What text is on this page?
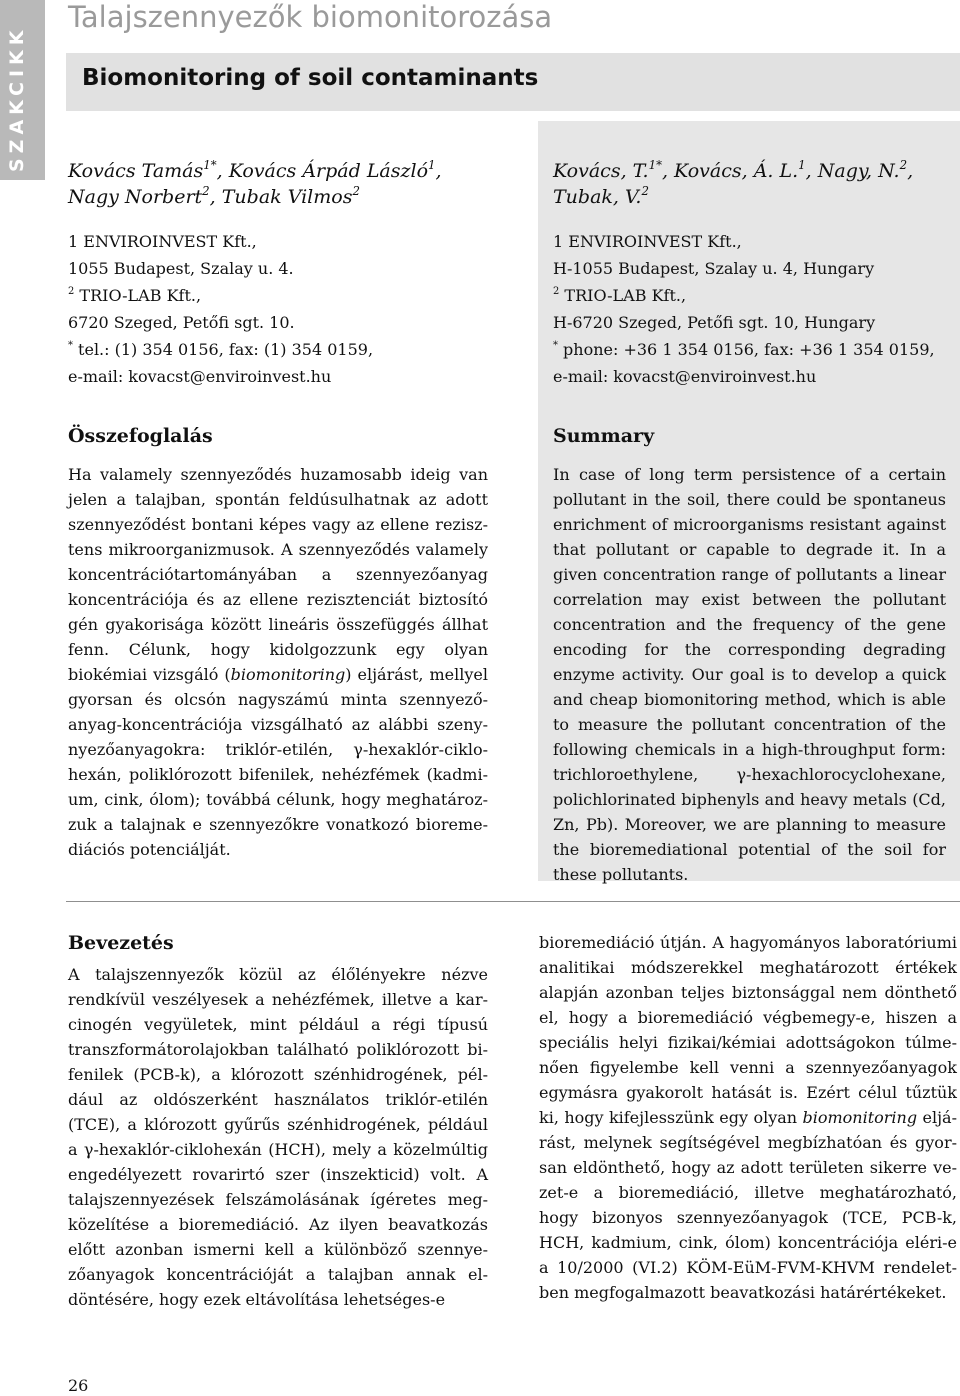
SZAKCIKK
Talajszennyezők biomonitorozása
Biomonitoring of soil contaminants
Kovács Tamás$^{1*}$, Kovács Árpád László$^1$,
Nagy Norbert$^2$, Tubak Vilmos$^2$
1 ENVIROINVEST Kft.,
1055 Budapest, Szalay u. 4.
$^2$ TRIO-LAB Kft.,
6720 Szeged, Petőfi sgt. 10.
* tel.: (1) 354 0156, fax: (1) 354 0159,
e-mail: kovacst@enviroinvest.hu
Kovács, T.$^{1*}$, Kovács, Á. L.$^1$, Nagy, N.$^2$,
Tubak, V.$^2$
1 ENVIROINVEST Kft.,
H-1055 Budapest, Szalay u. 4, Hungary
$^2$ TRIO-LAB Kft.,
H-6720 Szeged, Petőfi sgt. 10, Hungary
* phone: +36 1 354 0156, fax: +36 1 354 0159,
e-mail: kovacst@enviroinvest.hu
Összefoglalás
Ha valamely szennyeződés huzamosabb ideig van jelen a talajban, spontán feldúsulhatnak az adott szennyeződést bontani képes vagy az ellene rezisztens mikroorganizmusok. A szennyeződés valamely koncentrációtartományában a szennyezőanyag koncentrációja és az ellene rezisztenciát biztosító gén gyakorisága között lineáris összefüggés állhat fenn. Célunk, hogy kidolgozzunk egy olyan biokémiai vizsgáló (biomonitoring) eljárást, mellyel gyorsan és olcsón nagyszámú minta szennyezőanyag-koncentrációja vizsgálható az alábbi szenynyezőanyagokra: triklór-etilén, γ-hexaklór-ciklohexán, poliklórozott bifenilek, nehézfémek (kadmium, cink, ólom); továbbá célunk, hogy meghatározzuk a talajnak e szennyezőkre vonatkozó bioremediációs potenciálját.
Summary
In case of long term persistence of a certain pollutant in the soil, there could be spontaneus enrichment of microorganisms resistant against that pollutant or capable to degrade it. In a given concentration range of pollutants a linear correlation may exist between the pollutant concentration and the frequency of the gene encoding for the corresponding degrading enzyme activity. Our goal is to develop a quick and cheap biomonitoring method, which is able to measure the pollutant concentration of the following chemicals in a high-throughput form: trichloroethylene, γ-hexachlorocyclohexane, polichlorinated biphenyls and heavy metals (Cd, Zn, Pb). Moreover, we are planning to measure the bioremediational potential of the soil for these pollutants.
Bevezetés
A talajszennyezők közül az élőlényekre nézve rendkívül veszélyesek a nehézfémek, illetve a karcinogén vegyületek, mint például a régi típusú transzformátorolajokban található poliklórozott bifenilek (PCB-k), a klórozott szénhidrogének, például az oldószerként használatos triklór-etilén (TCE), a klórozott gyűrűs szénhidrogének, például a γ-hexaklór-ciklohexán (HCH), mely a közelmúltig engedélyezett rovarirtó szer (inszekticid) volt. A talajszennyezések felszámolásának ígéretes megközelítése a bioremediáció. Az ilyen beavatkozás előtt azonban ismerni kell a különböző szennyezőanyagok koncentrációját a talajban annak eldöntésére, hogy ezek eltávolítása lehetséges-e
bioremediáció útján. A hagyományos laboratóriumi analitikai módszerekkel meghatározott értékek alapján azonban teljes biztonsággal nem dönthető el, hogy a bioremediáció végbemegy-e, hiszen a speciális helyi fizikai/kémiai adottságokon túlmenően figyelembe kell venni a szennyezőanyagok egymásra gyakorolt hatását is. Ezért célul tűztük ki, hogy kifejlesszünk egy olyan biomonitoring eljárást, melynek segítségével megbízhatóan és gyorsan eldönthető, hogy az adott területen sikerre vezet-e a bioremediáció, illetve meghatározható, hogy bizonyos szennyezőanyagok (TCE, PCB-k, HCH, kadmium, cink, ólom) koncentrációja eléri-e a 10/2000 (VI.2) KÖM-EüM-FVM-KHVM rendeletben megfogalmazott beavatkozási határértékeket.
26
